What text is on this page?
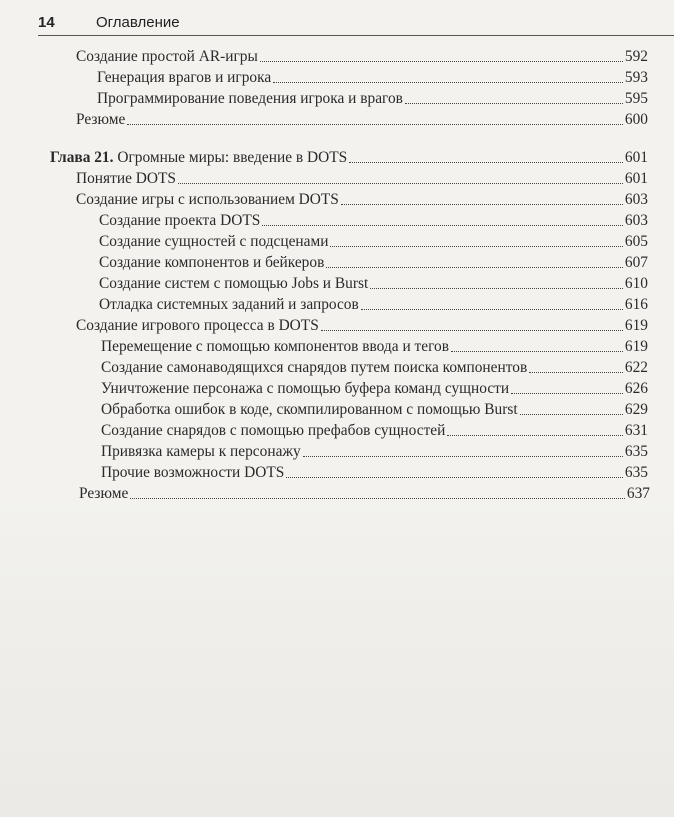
14	Оглавление
Создание простой AR-игры	592
Генерация врагов и игрока	593
Программирование поведения игрока и врагов	595
Резюме	600
Глава 21. Огромные миры: введение в DOTS	601
Понятие DOTS	601
Создание игры с использованием DOTS	603
Создание проекта DOTS	603
Создание сущностей с подсценами	605
Создание компонентов и бейкеров	607
Создание систем с помощью Jobs и Burst	610
Отладка системных заданий и запросов	616
Создание игрового процесса в DOTS	619
Перемещение с помощью компонентов ввода и тегов	619
Создание самонаводящихся снарядов путем поиска компонентов	622
Уничтожение персонажа с помощью буфера команд сущности	626
Обработка ошибок в коде, скомпилированном с помощью Burst	629
Создание снарядов с помощью префабов сущностей	631
Привязка камеры к персонажу	635
Прочие возможности DOTS	635
Резюме	637
